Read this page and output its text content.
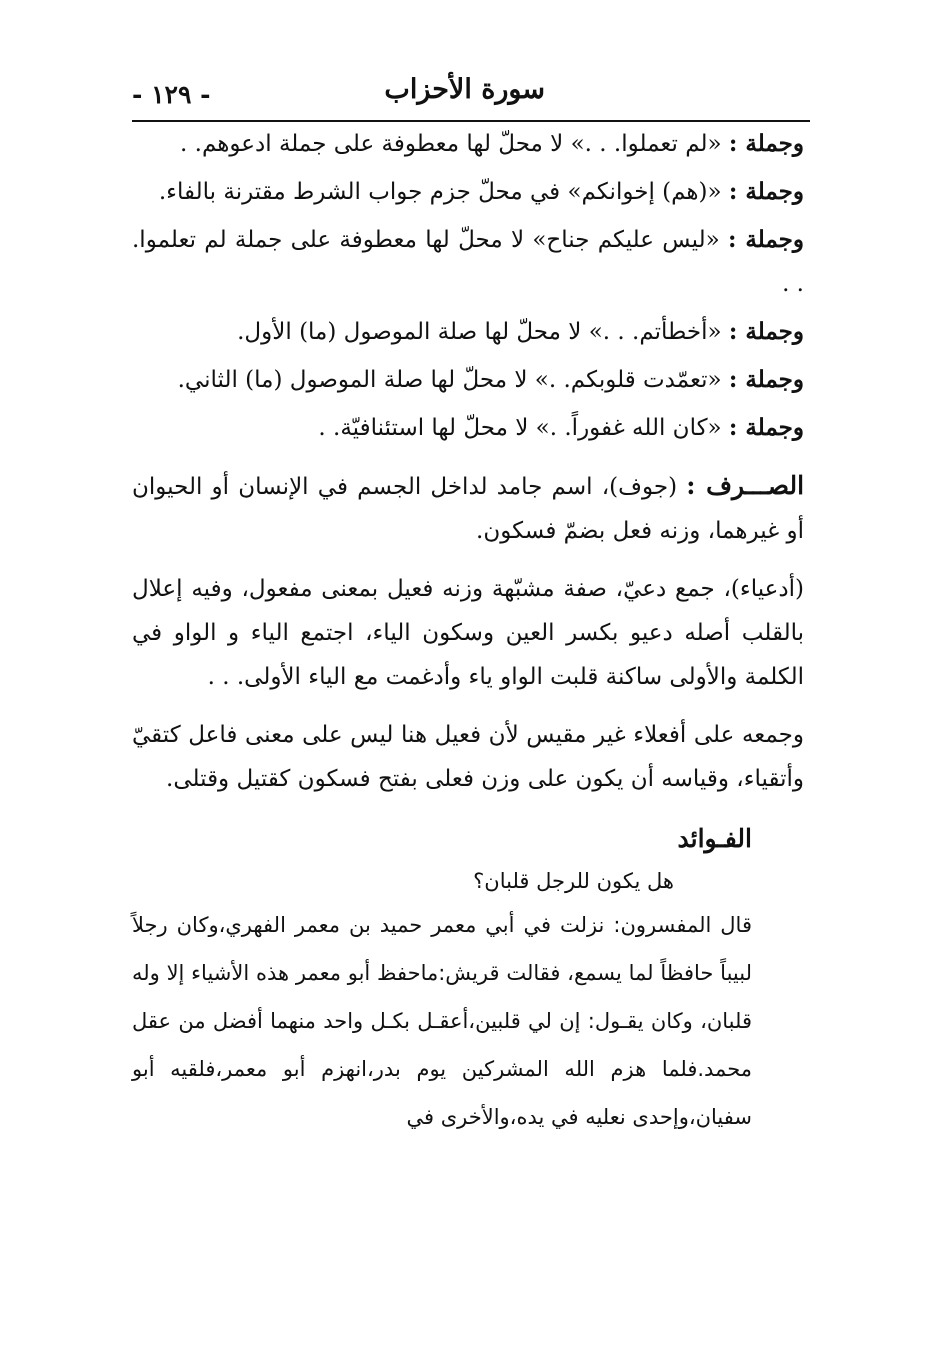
سورة الأحزاب
- ١٢٩ -
وجملة : «لم تعملوا. . .» لا محلّ لها معطوفة على جملة ادعوهم. .
وجملة : «(هم) إخوانكم» في محلّ جزم جواب الشرط مقترنة بالفاء.
وجملة : «ليس عليكم جناح» لا محلّ لها معطوفة على جملة لم تعلموا. . .
وجملة : «أخطأتم. . .» لا محلّ لها صلة الموصول (ما) الأول.
وجملة : «تعمّدت قلوبكم. .» لا محلّ لها صلة الموصول (ما) الثاني.
وجملة : «كان الله غفوراً. .» لا محلّ لها استئنافيّة. .
الصـــرف : (جوف)، اسم جامد لداخل الجسم في الإنسان أو الحيوان أو غيرهما، وزنه فعل بضمّ فسكون.
(أدعياء)، جمع دعيّ، صفة مشبّهة وزنه فعيل بمعنى مفعول، وفيه إعلال بالقلب أصله دعيو بكسر العين وسكون الياء، اجتمع الياء و الواو في الكلمة والأولى ساكنة قلبت الواو ياء وأدغمت مع الياء الأولى. . .
وجمعه على أفعلاء غير مقيس لأن فعيل هنا ليس على معنى فاعل كتقيّ وأتقياء، وقياسه أن يكون على وزن فعلى بفتح فسكون كقتيل وقتلى.
الفـوائد
هل يكون للرجل قلبان؟
قال المفسرون: نزلت في أبي معمر حميد بن معمر الفهري،وكان رجلاً لبيباً حافظاً لما يسمع، فقالت قريش:ماحفظ أبو معمر هذه الأشياء إلا وله قلبان، وكان يقـول: إن لي قلبين،أعقـل بكـل واحد منهما أفضل من عقل محمد.فلما هزم الله المشركين يوم بدر،انهزم أبو معمر،فلقيه أبو سفيان،وإحدى نعليه في يده،والأخرى في
